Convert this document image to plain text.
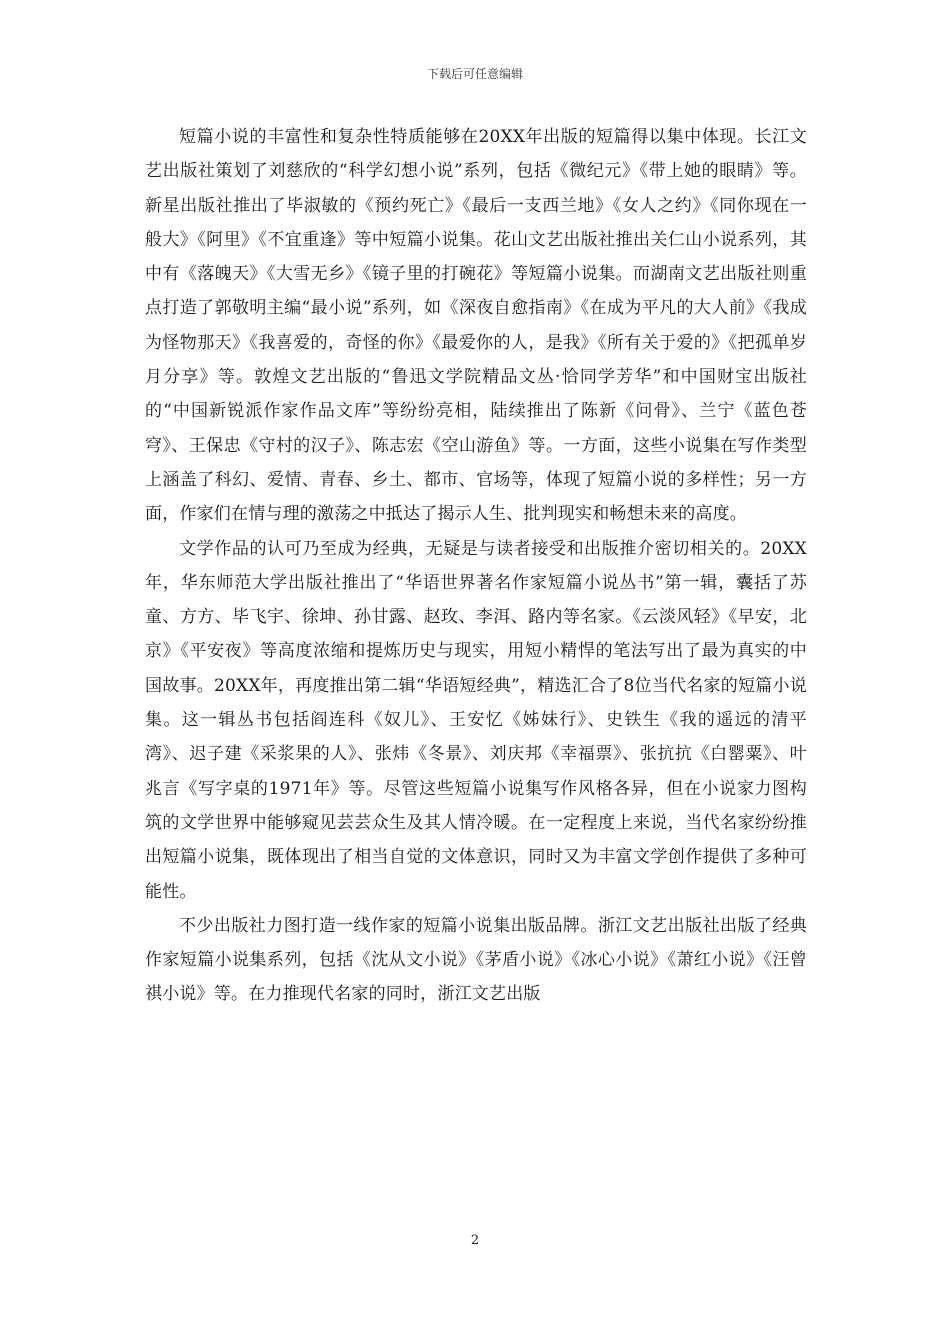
下载后可任意编辑

短篇小说的丰富性和复杂性特质能够在20XX年出版的短篇得以集中体现。长江文艺出版社策划了刘慈欣的“科学幻想小说”系列，包括《微纪元》《带上她的眼睛》等。新星出版社推出了毕淑敏的《预约死亡》《最后一支西兰地》《女人之约》《同你现在一般大》《阿里》《不宜重逢》等中短篇小说集。花山文艺出版社推出关仁山小说系列，其中有《落魄天》《大雪无乡》《镜子里的打碗花》等短篇小说集。而湖南文艺出版社则重点打造了郭敬明主编“最小说”系列，如《深夜自愈指南》《在成为平凡的大人前》《我成为怪物那天》《我喜爱的，奇怪的你》《最爱你的人，是我》《所有关于爱的》《把孤单岁月分享》等。敦煌文艺出版的“鲁迅文学院精品文丛·恰同学芳华”和中国财宝出版社的“中国新锐派作家作品文库”等纷纷亮相，陆续推出了陈新《问骨》、兰宁《蓝色苍穹》、王保忠《守村的汉子》、陈志宏《空山游鱼》等。一方面，这些小说集在写作类型上涵盖了科幻、爱情、青春、乡土、都市、官场等，体现了短篇小说的多样性；另一方面，作家们在情与理的激荡之中抵达了揭示人生、批判现实和畅想未来的高度。

文学作品的认可乃至成为经典，无疑是与读者接受和出版推介密切相关的。20XX年，华东师范大学出版社推出了“华语世界著名作家短篇小说丛书”第一辑，囊括了苏童、方方、毕飞宇、徐坤、孙甘露、赵玫、李洱、路内等名家。《云淡风轻》《早安，北京》《平安夜》等高度浓缩和提炼历史与现实，用短小精悍的笔法写出了最为真实的中国故事。20XX年，再度推出第二辑“华语短经典”，精选汇合了8位当代名家的短篇小说集。这一辑丛书包括阎连科《奴儿》、王安忆《姊妹行》、史铁生《我的遥远的清平湾》、迟子建《采浆果的人》、张炜《冬景》、刘庆邦《幸福票》、张抗抗《白罂粟》、叶兆言《写字桌的1971年》等。尽管这些短篇小说集写作风格各异，但在小说家力图构筑的文学世界中能够窥见芸芸众生及其人情冷暖。在一定程度上来说，当代名家纷纷推出短篇小说集，既体现出了相当自觉的文体意识，同时又为丰富文学创作提供了多种可能性。

不少出版社力图打造一线作家的短篇小说集出版品牌。浙江文艺出版社出版了经典作家短篇小说集系列，包括《沈从文小说》《茅盾小说》《冰心小说》《萧红小说》《汪曾祺小说》等。在力推现代名家的同时，浙江文艺出版

2
